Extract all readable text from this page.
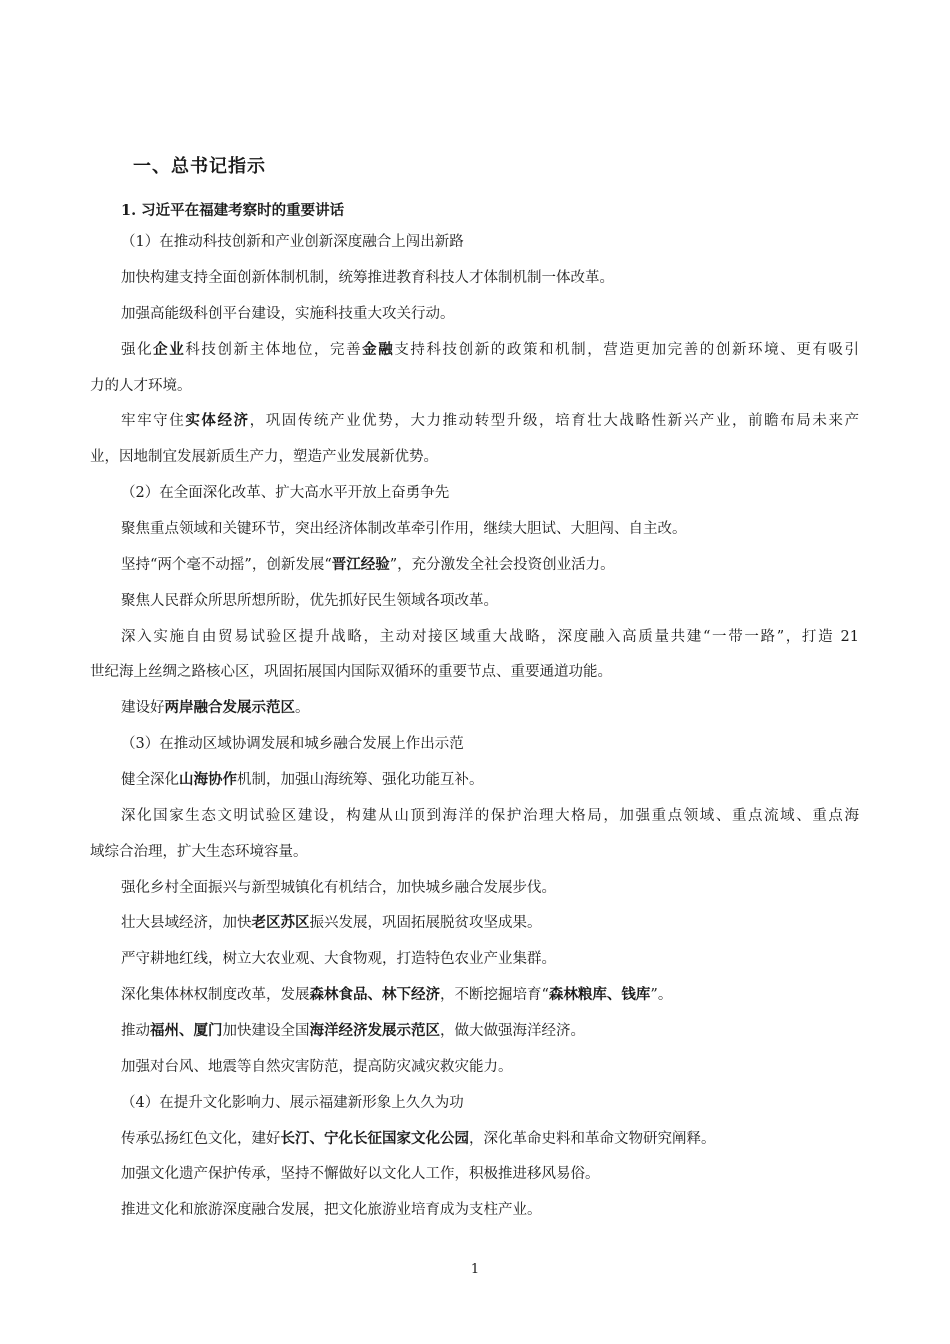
一、总书记指示
1. 习近平在福建考察时的重要讲话
（1）在推动科技创新和产业创新深度融合上闯出新路
加快构建支持全面创新体制机制，统筹推进教育科技人才体制机制一体改革。
加强高能级科创平台建设，实施科技重大攻关行动。
强化企业科技创新主体地位，完善金融支持科技创新的政策和机制，营造更加完善的创新环境、更有吸引
力的人才环境。
牢牢守住实体经济，巩固传统产业优势，大力推动转型升级，培育壮大战略性新兴产业，前瞻布局未来产
业，因地制宜发展新质生产力，塑造产业发展新优势。
（2）在全面深化改革、扩大高水平开放上奋勇争先
聚焦重点领域和关键环节，突出经济体制改革牵引作用，继续大胆试、大胆闯、自主改。
坚持“两个毫不动摇”，创新发展“晋江经验”，充分激发全社会投资创业活力。
聚焦人民群众所思所想所盼，优先抓好民生领域各项改革。
深入实施自由贸易试验区提升战略，主动对接区域重大战略，深度融入高质量共建“一带一路”，打造 21
世纪海上丝绸之路核心区，巩固拓展国内国际双循环的重要节点、重要通道功能。
建设好两岸融合发展示范区。
（3）在推动区域协调发展和城乡融合发展上作出示范
健全深化山海协作机制，加强山海统筹、强化功能互补。
深化国家生态文明试验区建设，构建从山顶到海洋的保护治理大格局，加强重点领域、重点流域、重点海
域综合治理，扩大生态环境容量。
强化乡村全面振兴与新型城镇化有机结合，加快城乡融合发展步伐。
壮大县域经济，加快老区苏区振兴发展，巩固拓展脱贫攻坚成果。
严守耕地红线，树立大农业观、大食物观，打造特色农业产业集群。
深化集体林权制度改革，发展森林食品、林下经济，不断挖掘培育“森林粮库、钱库”。
推动福州、厦门加快建设全国海洋经济发展示范区，做大做强海洋经济。
加强对台风、地震等自然灾害防范，提高防灾减灾救灾能力。
（4）在提升文化影响力、展示福建新形象上久久为功
传承弘扬红色文化，建好长汀、宁化长征国家文化公园，深化革命史料和革命文物研究阐释。
加强文化遗产保护传承，坚持不懈做好以文化人工作，积极推进移风易俗。
推进文化和旅游深度融合发展，把文化旅游业培育成为支柱产业。
1
